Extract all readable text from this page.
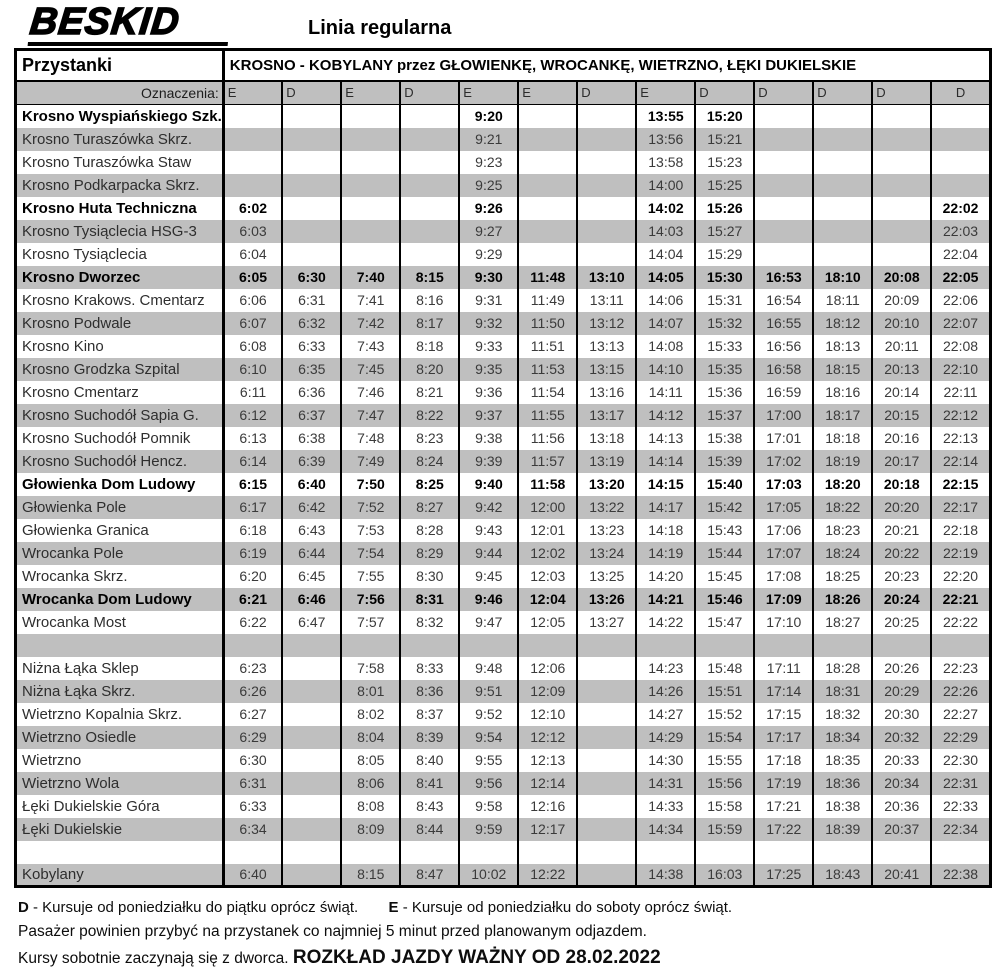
BESKID	Linia regularna
Przystanki	KROSNO - KOBYLANY przez GŁOWIENKĘ, WROCANKĘ, WIETRZNO, ŁĘKI DUKIELSKIE												
Oznaczenia:	E	D	E	D	E	E	D	E	D	D	D	D	D
Krosno Wyspiańskiego Szk.					9:20			13:55	15:20				
Krosno Turaszówka Skrz.					9:21			13:56	15:21				
Krosno Turaszówka Staw					9:23			13:58	15:23				
Krosno Podkarpacka Skrz.					9:25			14:00	15:25				
Krosno Huta Techniczna	6:02				9:26			14:02	15:26				22:02
Krosno Tysiąclecia HSG-3	6:03				9:27			14:03	15:27				22:03
Krosno Tysiąclecia	6:04				9:29			14:04	15:29				22:04
Krosno Dworzec	6:05	6:30	7:40	8:15	9:30	11:48	13:10	14:05	15:30	16:53	18:10	20:08	22:05
Krosno Krakows. Cmentarz	6:06	6:31	7:41	8:16	9:31	11:49	13:11	14:06	15:31	16:54	18:11	20:09	22:06
Krosno Podwale	6:07	6:32	7:42	8:17	9:32	11:50	13:12	14:07	15:32	16:55	18:12	20:10	22:07
Krosno Kino	6:08	6:33	7:43	8:18	9:33	11:51	13:13	14:08	15:33	16:56	18:13	20:11	22:08
Krosno Grodzka Szpital	6:10	6:35	7:45	8:20	9:35	11:53	13:15	14:10	15:35	16:58	18:15	20:13	22:10
Krosno Cmentarz	6:11	6:36	7:46	8:21	9:36	11:54	13:16	14:11	15:36	16:59	18:16	20:14	22:11
Krosno Suchodół Sapia G.	6:12	6:37	7:47	8:22	9:37	11:55	13:17	14:12	15:37	17:00	18:17	20:15	22:12
Krosno Suchodół Pomnik	6:13	6:38	7:48	8:23	9:38	11:56	13:18	14:13	15:38	17:01	18:18	20:16	22:13
Krosno Suchodół Hencz.	6:14	6:39	7:49	8:24	9:39	11:57	13:19	14:14	15:39	17:02	18:19	20:17	22:14
Głowienka Dom Ludowy	6:15	6:40	7:50	8:25	9:40	11:58	13:20	14:15	15:40	17:03	18:20	20:18	22:15
Głowienka Pole	6:17	6:42	7:52	8:27	9:42	12:00	13:22	14:17	15:42	17:05	18:22	20:20	22:17
Głowienka Granica	6:18	6:43	7:53	8:28	9:43	12:01	13:23	14:18	15:43	17:06	18:23	20:21	22:18
Wrocanka Pole	6:19	6:44	7:54	8:29	9:44	12:02	13:24	14:19	15:44	17:07	18:24	20:22	22:19
Wrocanka Skrz.	6:20	6:45	7:55	8:30	9:45	12:03	13:25	14:20	15:45	17:08	18:25	20:23	22:20
Wrocanka Dom Ludowy	6:21	6:46	7:56	8:31	9:46	12:04	13:26	14:21	15:46	17:09	18:26	20:24	22:21
Wrocanka Most	6:22	6:47	7:57	8:32	9:47	12:05	13:27	14:22	15:47	17:10	18:27	20:25	22:22

Niżna Łąka Sklep	6:23		7:58	8:33	9:48	12:06		14:23	15:48	17:11	18:28	20:26	22:23
Niżna Łąka Skrz.	6:26		8:01	8:36	9:51	12:09		14:26	15:51	17:14	18:31	20:29	22:26
Wietrzno Kopalnia Skrz.	6:27		8:02	8:37	9:52	12:10		14:27	15:52	17:15	18:32	20:30	22:27
Wietrzno Osiedle	6:29		8:04	8:39	9:54	12:12		14:29	15:54	17:17	18:34	20:32	22:29
Wietrzno	6:30		8:05	8:40	9:55	12:13		14:30	15:55	17:18	18:35	20:33	22:30
Wietrzno Wola	6:31		8:06	8:41	9:56	12:14		14:31	15:56	17:19	18:36	20:34	22:31
Łęki Dukielskie Góra	6:33		8:08	8:43	9:58	12:16		14:33	15:58	17:21	18:38	20:36	22:33
Łęki Dukielskie	6:34		8:09	8:44	9:59	12:17		14:34	15:59	17:22	18:39	20:37	22:34

Kobylany	6:40		8:15	8:47	10:02	12:22		14:38	16:03	17:25	18:43	20:41	22:38
D - Kursuje od poniedziałku do piątku oprócz świąt. E - Kursuje od poniedziałku do soboty oprócz świąt.
Pasażer powinien przybyć na przystanek co najmniej 5 minut przed planowanym odjazdem.
Kursy sobotnie zaczynają się z dworca. ROZKŁAD JAZDY WAŻNY OD 28.02.2022
